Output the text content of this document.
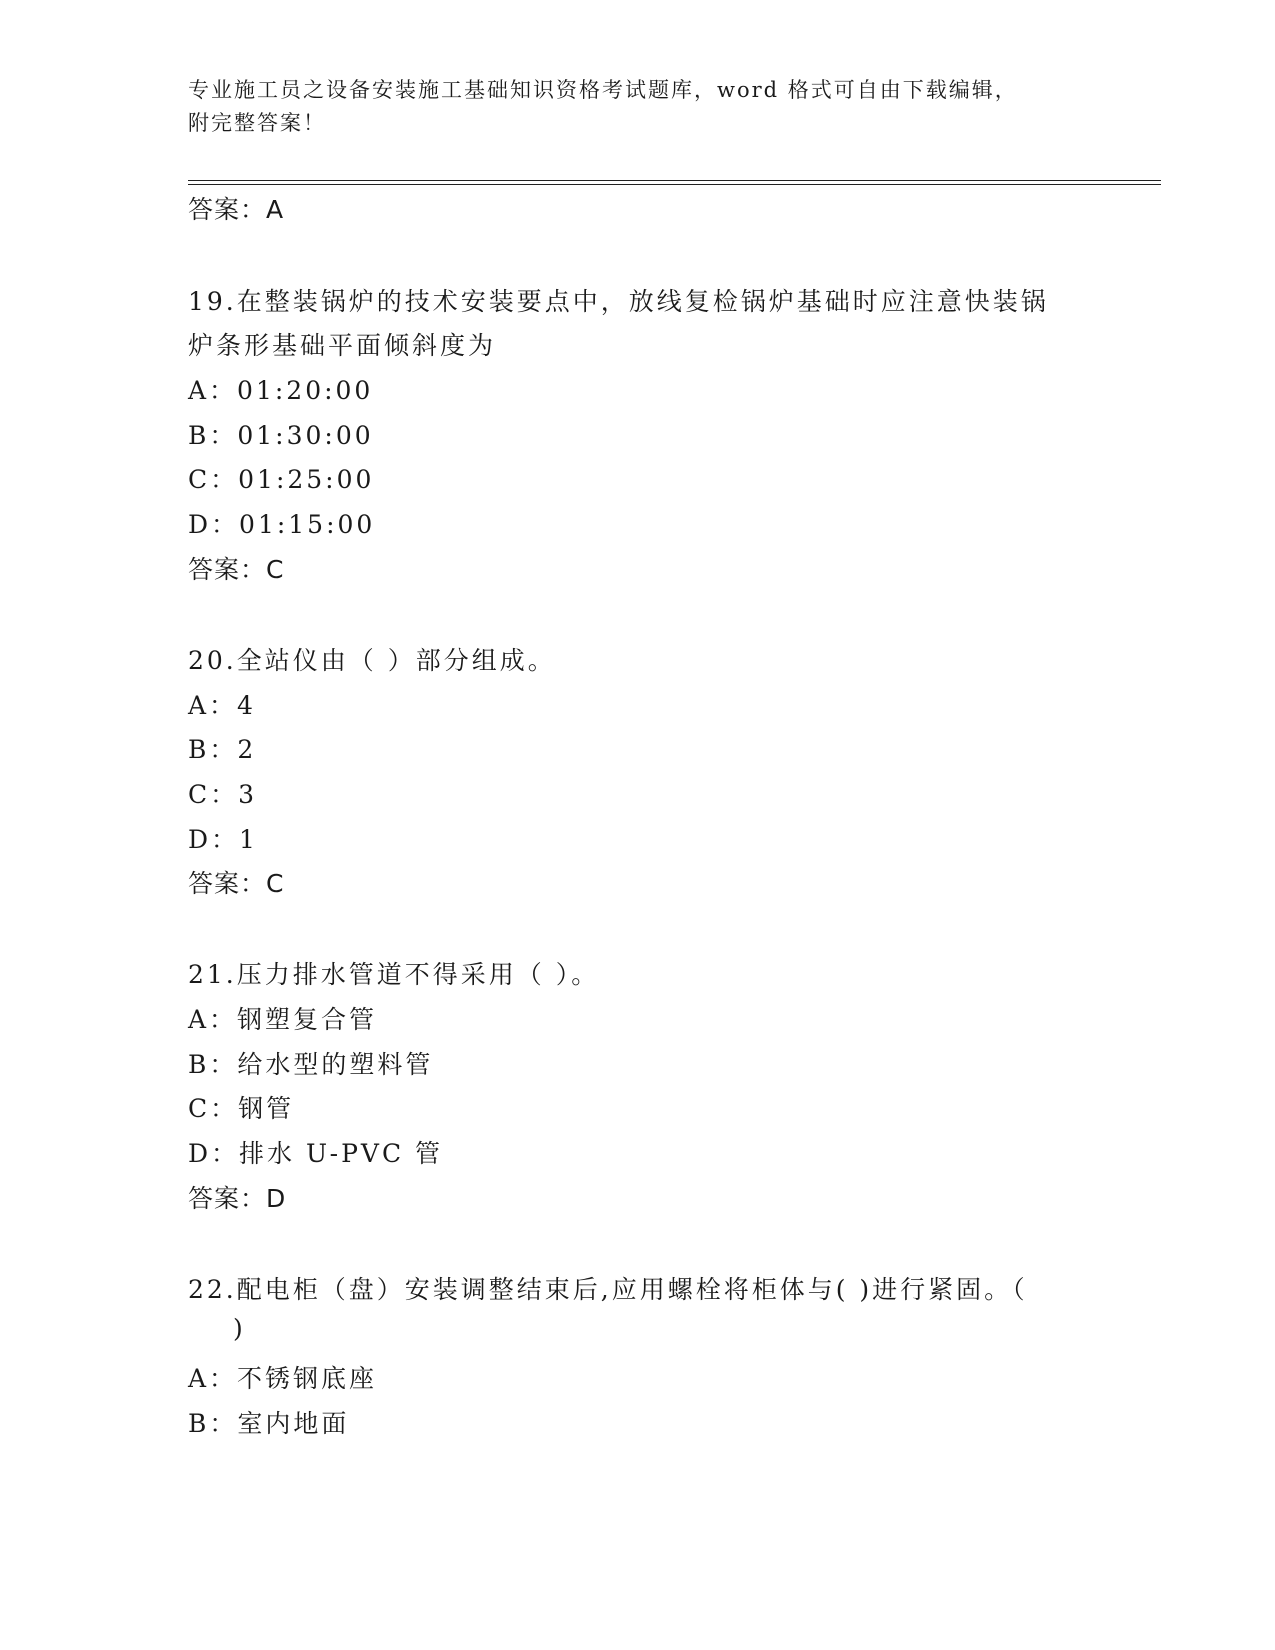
专业施工员之设备安装施工基础知识资格考试题库，word 格式可自由下载编辑，
附完整答案！
答案：A
19.在整装锅炉的技术安装要点中，放线复检锅炉基础时应注意快装锅
炉条形基础平面倾斜度为
A：01:20:00
B：01:30:00
C：01:25:00
D：01:15:00
答案：C
20.全站仪由（ ）部分组成。
A：4
B：2
C：3
D：1
答案：C
21.压力排水管道不得采用（ ）。
A：钢塑复合管
B：给水型的塑料管
C：钢管
D：排水 U-PVC 管
答案：D
22.配电柜（盘）安装调整结束后,应用螺栓将柜体与( )进行紧固。（
)
A：不锈钢底座
B：室内地面
